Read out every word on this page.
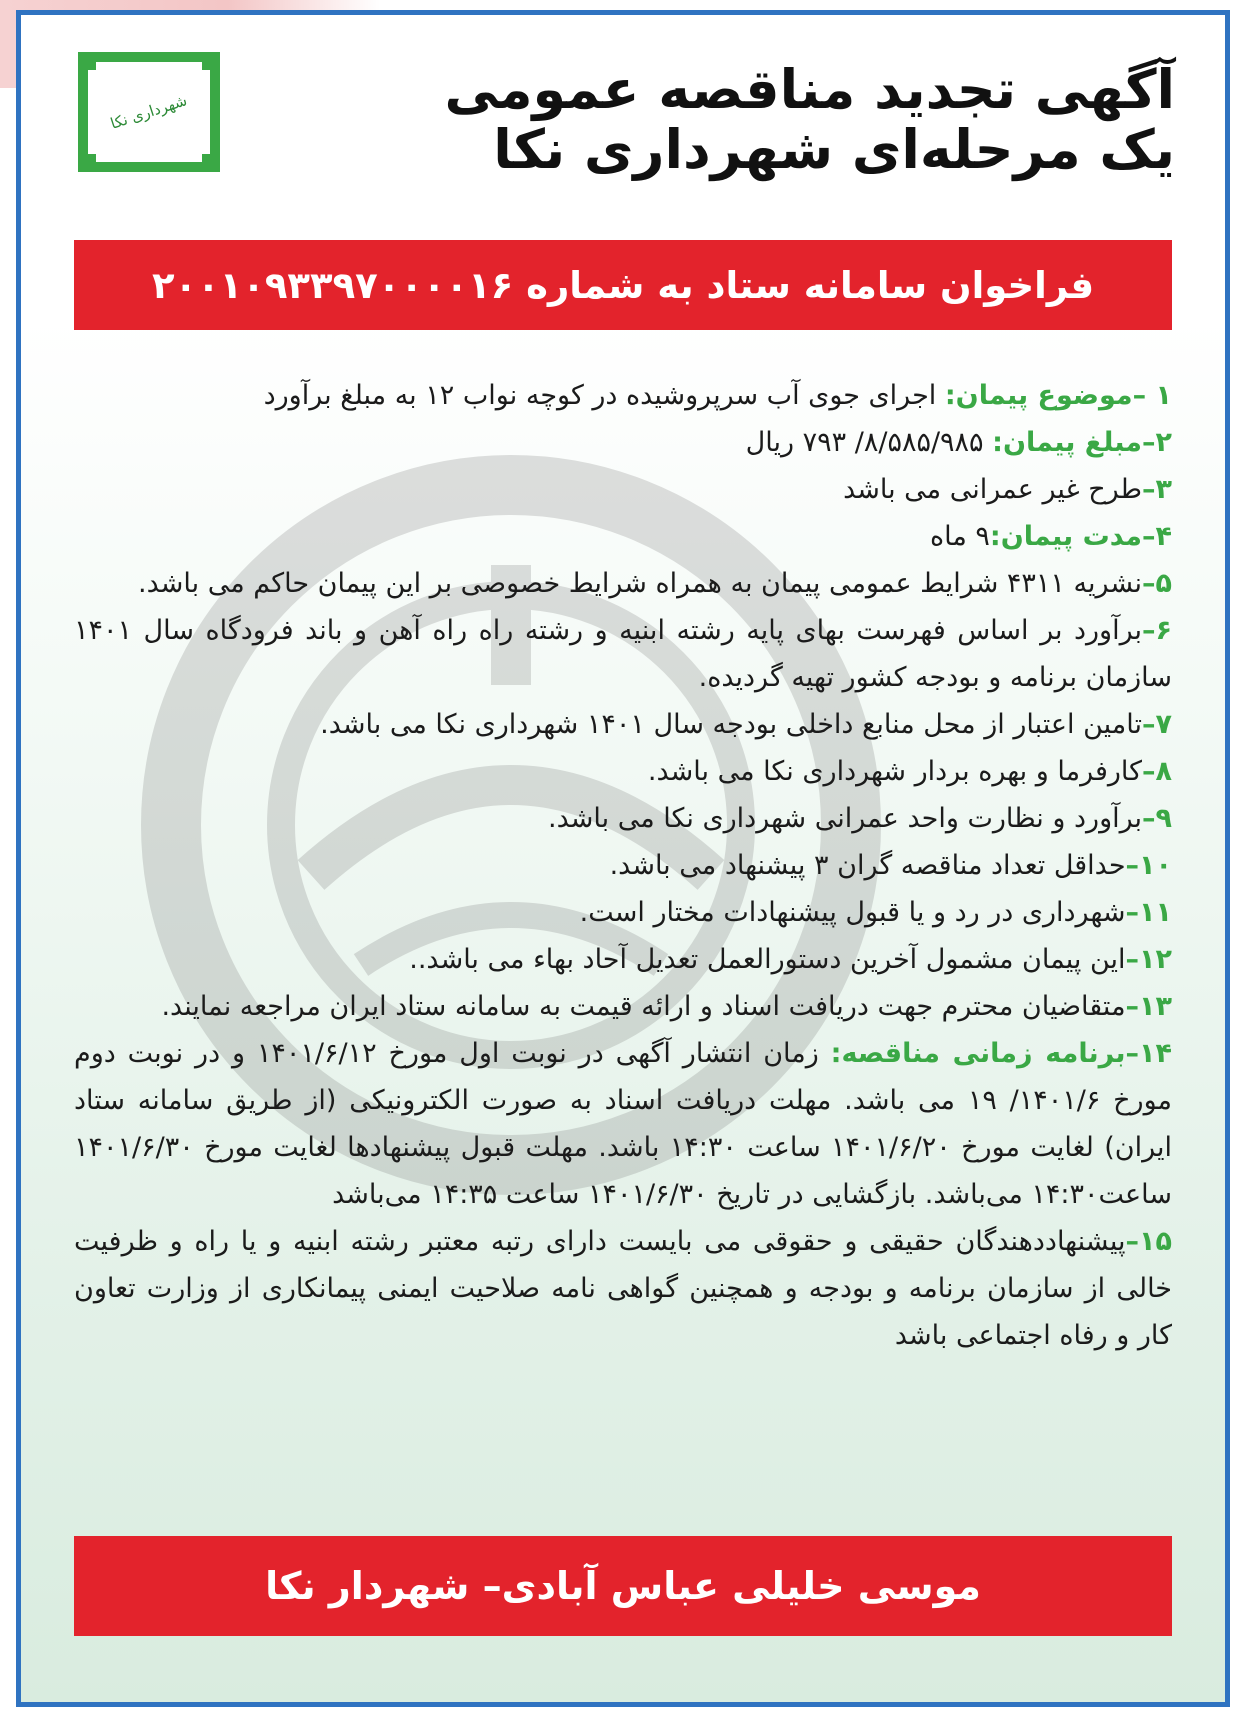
شهرداری نکا	آگهی تجدید مناقصه عمومی
یک مرحله‌ای شهرداری نکا
فراخوان سامانه ستاد به شماره ۲۰۰۱۰۹۳۳۹۷۰۰۰۰۱۶

۱ –موضوع پیمان: اجرای جوی آب سرپروشیده در کوچه نواب ۱۲ به مبلغ برآورد

۲–مبلغ پیمان: ۸/۵۸۵/۹۸۵/ ۷۹۳ ریال

۳–طرح غیر عمرانی می باشد

۴–مدت پیمان:۹ ماه

۵–نشریه ۴۳۱۱ شرایط عمومی پیمان به همراه شرایط خصوصی بر این پیمان حاکم می باشد.

۶–برآورد بر اساس فهرست بهای پایه رشته ابنیه و رشته راه راه آهن و باند فرودگاه سال ۱۴۰۱ سازمان برنامه و بودجه کشور تهیه گردیده.

۷–تامین اعتبار از محل منابع داخلی بودجه سال ۱۴۰۱ شهرداری نکا می باشد.

۸–کارفرما و بهره بردار شهرداری نکا می باشد.

۹–برآورد و نظارت واحد عمرانی شهرداری نکا می باشد.

۱۰–حداقل تعداد مناقصه گران ۳ پیشنهاد می باشد.

۱۱–شهرداری در رد و یا قبول پیشنهادات مختار است.

۱۲–این پیمان مشمول آخرین دستورالعمل تعدیل آحاد بهاء می باشد..

۱۳–متقاضیان محترم جهت دریافت اسناد و ارائه قیمت به سامانه ستاد ایران مراجعه نمایند.

۱۴–برنامه زمانی مناقصه: زمان انتشار آگهی در نوبت اول مورخ ۱۴۰۱/۶/۱۲ و در نوبت دوم مورخ ۱۴۰۱/۶/ ۱۹ می باشد. مهلت دریافت اسناد به صورت الکترونیکی (از طریق سامانه ستاد ایران) لغایت مورخ ۱۴۰۱/۶/۲۰ ساعت ۱۴:۳۰ باشد. مهلت قبول پیشنهادها لغایت مورخ ۱۴۰۱/۶/۳۰ ساعت۱۴:۳۰ می‌باشد. بازگشایی در تاریخ ۱۴۰۱/۶/۳۰ ساعت ۱۴:۳۵ می‌باشد

۱۵–پیشنهاددهندگان حقیقی و حقوقی می بایست دارای رتبه معتبر رشته ابنیه و یا راه و ظرفیت خالی از سازمان برنامه و بودجه و همچنین گواهی نامه صلاحیت ایمنی پیمانکاری از وزارت تعاون کار و رفاه اجتماعی باشد

موسی خلیلی عباس آبادی– شهردار نکا
